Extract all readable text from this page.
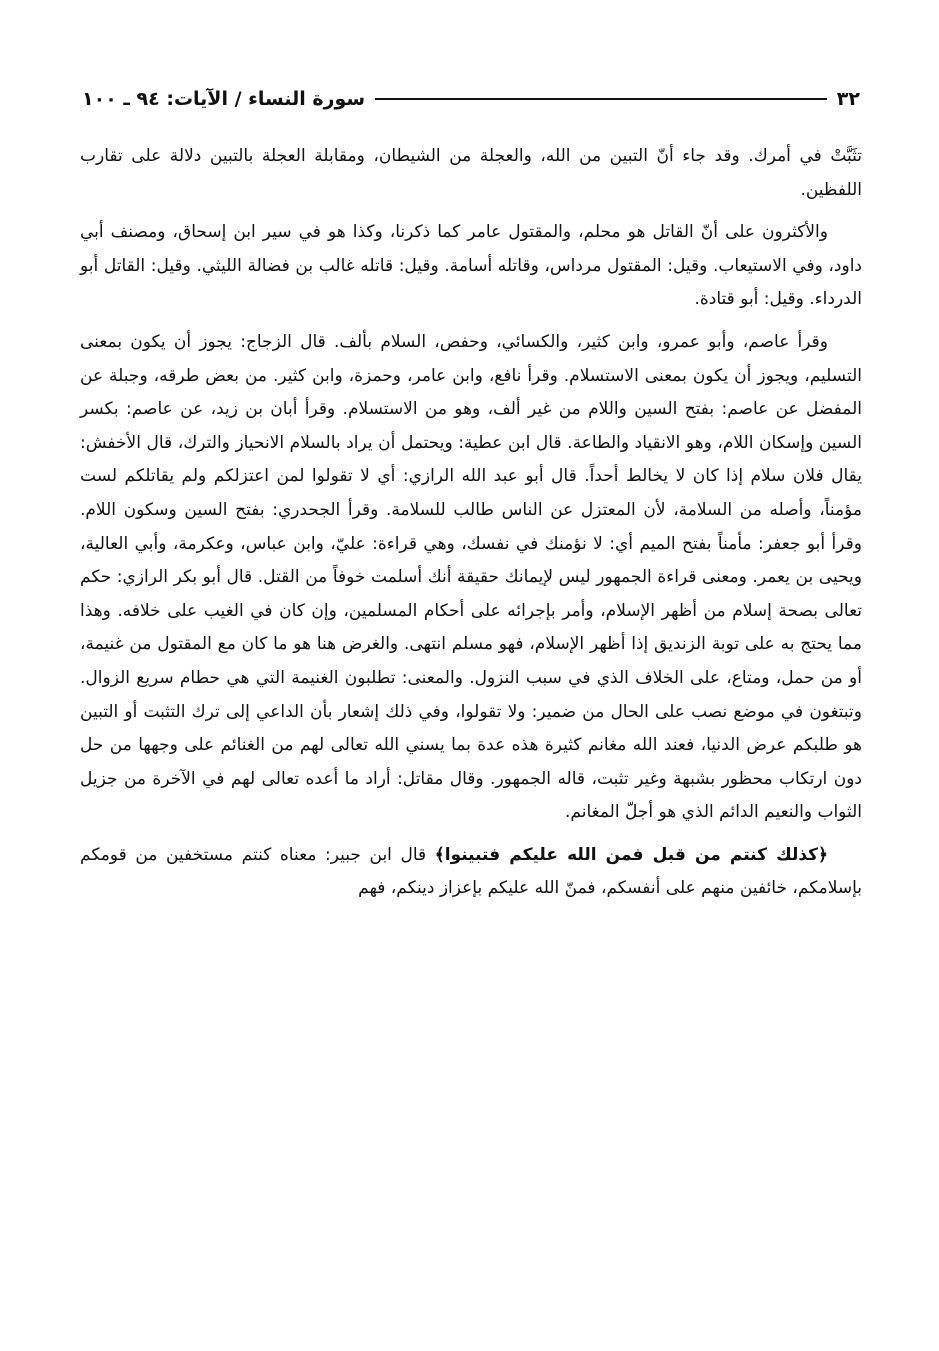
٣٢
سورة النساء / الآيات: ٩٤ ـ ١٠٠

تثَبَّتْ في أمرك. وقد جاء أنّ التبين من الله، والعجلة من الشيطان، ومقابلة العجلة بالتبين دلالة على تقارب اللفظين.

والأكثرون على أنّ القاتل هو محلم، والمقتول عامر كما ذكرنا، وكذا هو في سير ابن إسحاق، ومصنف أبي داود، وفي الاستيعاب. وقيل: المقتول مرداس، وقاتله أسامة. وقيل: قاتله غالب بن فضالة الليثي. وقيل: القاتل أبو الدرداء. وقيل: أبو قتادة.

وقرأ عاصم، وأبو عمرو، وابن كثير، والكسائي، وحفص، السلام بألف. قال الزجاج: يجوز أن يكون بمعنى التسليم، ويجوز أن يكون بمعنى الاستسلام. وقرأ نافع، وابن عامر، وحمزة، وابن كثير. من بعض طرقه، وجبلة عن المفضل عن عاصم: بفتح السين واللام من غير ألف، وهو من الاستسلام. وقرأ أبان بن زيد، عن عاصم: بكسر السين وإسكان اللام، وهو الانقياد والطاعة. قال ابن عطية: ويحتمل أن يراد بالسلام الانحياز والترك، قال الأخفش: يقال فلان سلام إذا كان لا يخالط أحداً. قال أبو عبد الله الرازي: أي لا تقولوا لمن اعتزلكم ولم يقاتلكم لست مؤمناً، وأصله من السلامة، لأن المعتزل عن الناس طالب للسلامة. وقرأ الجحدري: بفتح السين وسكون اللام. وقرأ أبو جعفر: مأمناً بفتح الميم أي: لا نؤمنك في نفسك، وهي قراءة: عليّ، وابن عباس، وعكرمة، وأبي العالية، ويحيى بن يعمر. ومعنى قراءة الجمهور ليس لإيمانك حقيقة أنك أسلمت خوفاً من القتل. قال أبو بكر الرازي: حكم تعالى بصحة إسلام من أظهر الإسلام، وأمر بإجرائه على أحكام المسلمين، وإن كان في الغيب على خلافه. وهذا مما يحتج به على توبة الزنديق إذا أظهر الإسلام، فهو مسلم انتهى. والغرض هنا هو ما كان مع المقتول من غنيمة، أو من حمل، ومتاع، على الخلاف الذي في سبب النزول. والمعنى: تطلبون الغنيمة التي هي حطام سريع الزوال. وتبتغون في موضع نصب على الحال من ضمير: ولا تقولوا، وفي ذلك إشعار بأن الداعي إلى ترك التثبت أو التبين هو طلبكم عرض الدنيا، فعند الله مغانم كثيرة هذه عدة بما يسني الله تعالى لهم من الغنائم على وجهها من حل دون ارتكاب محظور بشبهة وغير تثبت، قاله الجمهور. وقال مقاتل: أراد ما أعده تعالى لهم في الآخرة من جزيل الثواب والنعيم الدائم الذي هو أجلّ المغانم.

﴿كذلك كنتم من قبل فمن الله عليكم فتبينوا﴾ قال ابن جبير: معناه كنتم مستخفين من قومكم بإسلامكم، خائفين منهم على أنفسكم، فمنّ الله عليكم بإعزاز دينكم، فهم
